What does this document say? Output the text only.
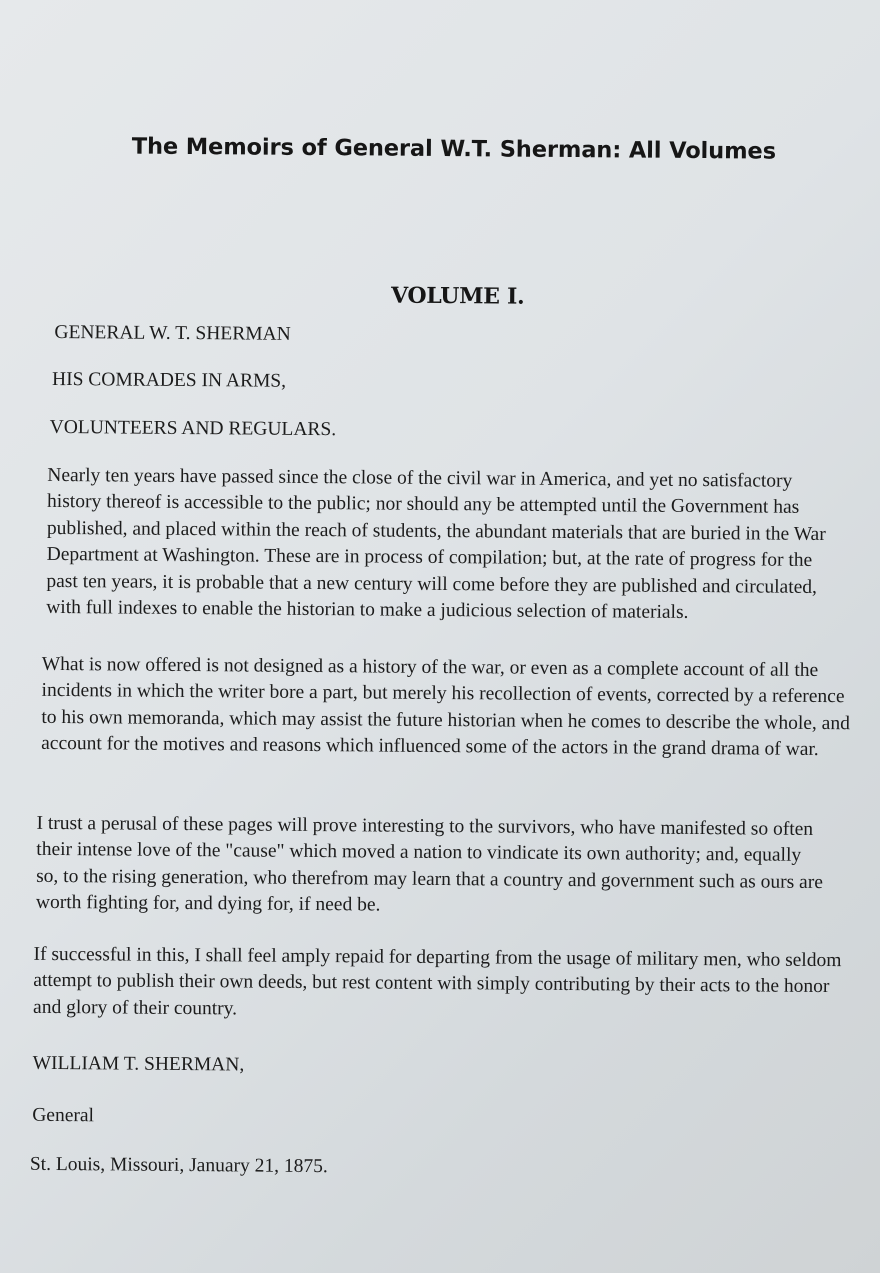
The Memoirs of General W.T. Sherman: All Volumes
VOLUME I.
GENERAL W. T. SHERMAN
HIS COMRADES IN ARMS,
VOLUNTEERS AND REGULARS.

Nearly ten years have passed since the close of the civil war in America, and yet no satisfactory history thereof is accessible to the public; nor should any be attempted until the Government has published, and placed within the reach of students, the abundant materials that are buried in the War Department at Washington. These are in process of compilation; but, at the rate of progress for the past ten years, it is probable that a new century will come before they are published and circulated, with full indexes to enable the historian to make a judicious selection of materials.

What is now offered is not designed as a history of the war, or even as a complete account of all the incidents in which the writer bore a part, but merely his recollection of events, corrected by a reference to his own memoranda, which may assist the future historian when he comes to describe the whole, and account for the motives and reasons which influenced some of the actors in the grand drama of war.

I trust a perusal of these pages will prove interesting to the survivors, who have manifested so often their intense love of the "cause" which moved a nation to vindicate its own authority; and, equally so, to the rising generation, who therefrom may learn that a country and government such as ours are worth fighting for, and dying for, if need be.

If successful in this, I shall feel amply repaid for departing from the usage of military men, who seldom attempt to publish their own deeds, but rest content with simply contributing by their acts to the honor and glory of their country.

WILLIAM T. SHERMAN,
General
St. Louis, Missouri, January 21, 1875.
